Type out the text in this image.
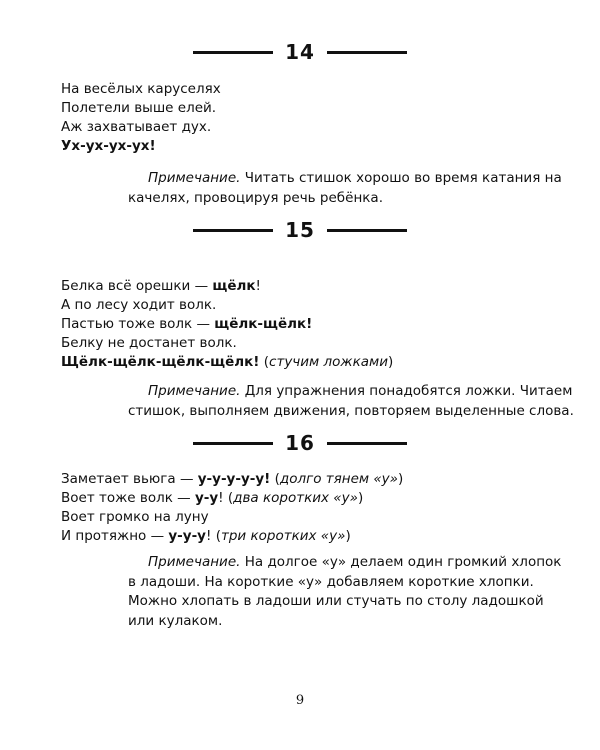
14
На весёлых каруселях
Полетели выше елей.
Аж захватывает дух.
Ух-ух-ух-ух!
Примечание. Читать стишок хорошо во время катания на
качелях, провоцируя речь ребёнка.
15
Белка всё орешки — щёлк!
А по лесу ходит волк.
Пастью тоже волк — щёлк-щёлк!
Белку не достанет волк.
Щёлк-щёлк-щёлк-щёлк! (стучим ложками)
Примечание. Для упражнения понадобятся ложки. Читаем
стишок, выполняем движения, повторяем выделенные слова.
16
Заметает вьюга — у-у-у-у-у! (долго тянем «у»)
Воет тоже волк — у-у! (два коротких «у»)
Воет громко на луну
И протяжно — у-у-у! (три коротких «у»)
Примечание. На долгое «у» делаем один громкий хлопок
в ладоши. На короткие «у» добавляем короткие хлопки.
Можно хлопать в ладоши или стучать по столу ладошкой
или кулаком.
9
